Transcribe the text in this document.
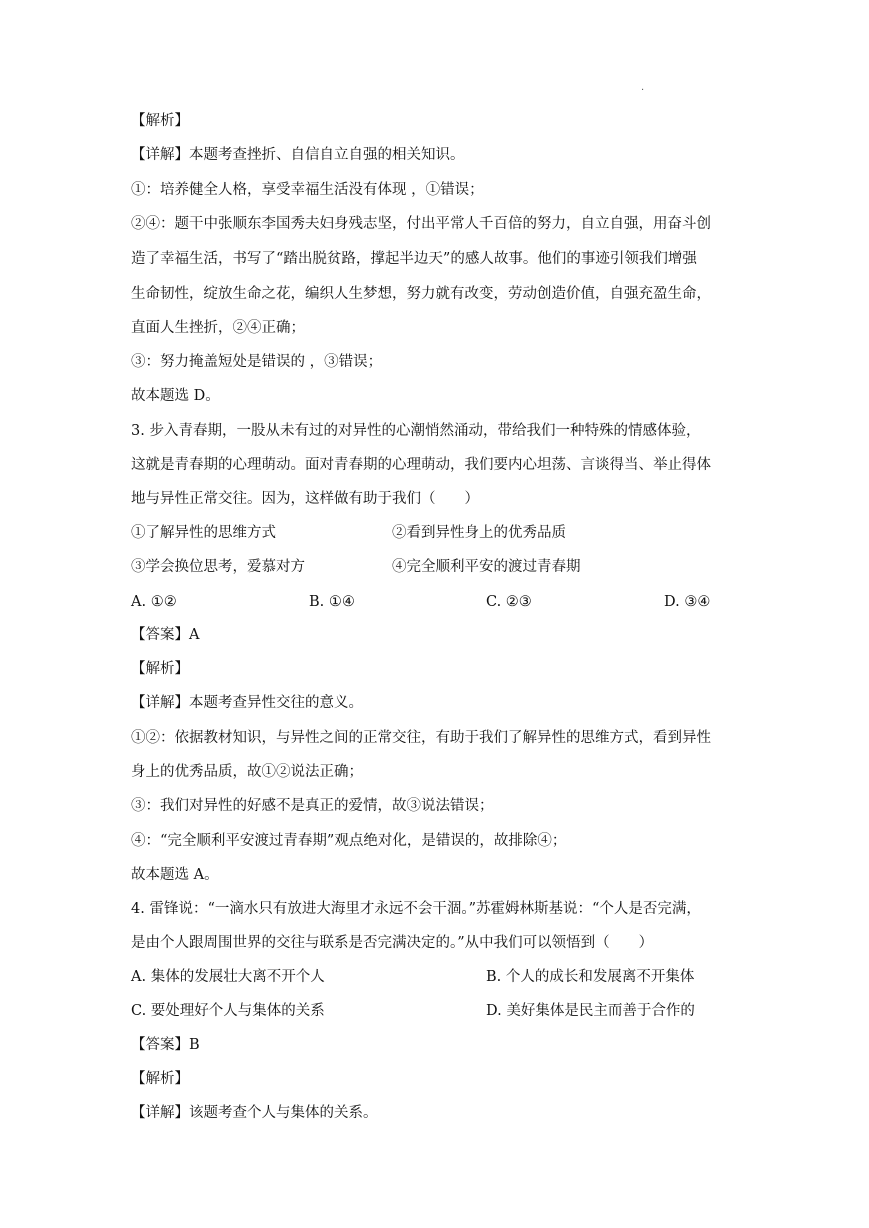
.
【解析】
【详解】本题考查挫折、自信自立自强的相关知识。
①：培养健全人格，享受幸福生活没有体现 ，①错误；
②④：题干中张顺东李国秀夫妇身残志坚，付出平常人千百倍的努力，自立自强，用奋斗创
造了幸福生活，书写了“踏出脱贫路，撑起半边天”的感人故事。他们的事迹引领我们增强
生命韧性，绽放生命之花，编织人生梦想，努力就有改变，劳动创造价值，自强充盈生命，
直面人生挫折，②④正确；
③：努力掩盖短处是错误的 ，③错误；
故本题选 D。
3. 步入青春期，一股从未有过的对异性的心潮悄然涌动，带给我们一种特殊的情感体验，
这就是青春期的心理萌动。面对青春期的心理萌动，我们要内心坦荡、言谈得当、举止得体
地与异性正常交往。因为，这样做有助于我们（　　）
①了解异性的思维方式	②看到异性身上的优秀品质
③学会换位思考，爱慕对方	④完全顺利平安的渡过青春期
A. ①②	B. ①④	C. ②③	D. ③④
【答案】A
【解析】
【详解】本题考查异性交往的意义。
①②：依据教材知识，与异性之间的正常交往，有助于我们了解异性的思维方式，看到异性
身上的优秀品质，故①②说法正确；
③：我们对异性的好感不是真正的爱情，故③说法错误；
④：“完全顺利平安渡过青春期”观点绝对化，是错误的，故排除④；
故本题选 A。
4. 雷锋说：“一滴水只有放进大海里才永远不会干涸。”苏霍姆林斯基说：“个人是否完满，
是由个人跟周围世界的交往与联系是否完满决定的。”从中我们可以领悟到（　　）
A. 集体的发展壮大离不开个人	B. 个人的成长和发展离不开集体
C. 要处理好个人与集体的关系	D. 美好集体是民主而善于合作的
【答案】B
【解析】
【详解】该题考查个人与集体的关系。
